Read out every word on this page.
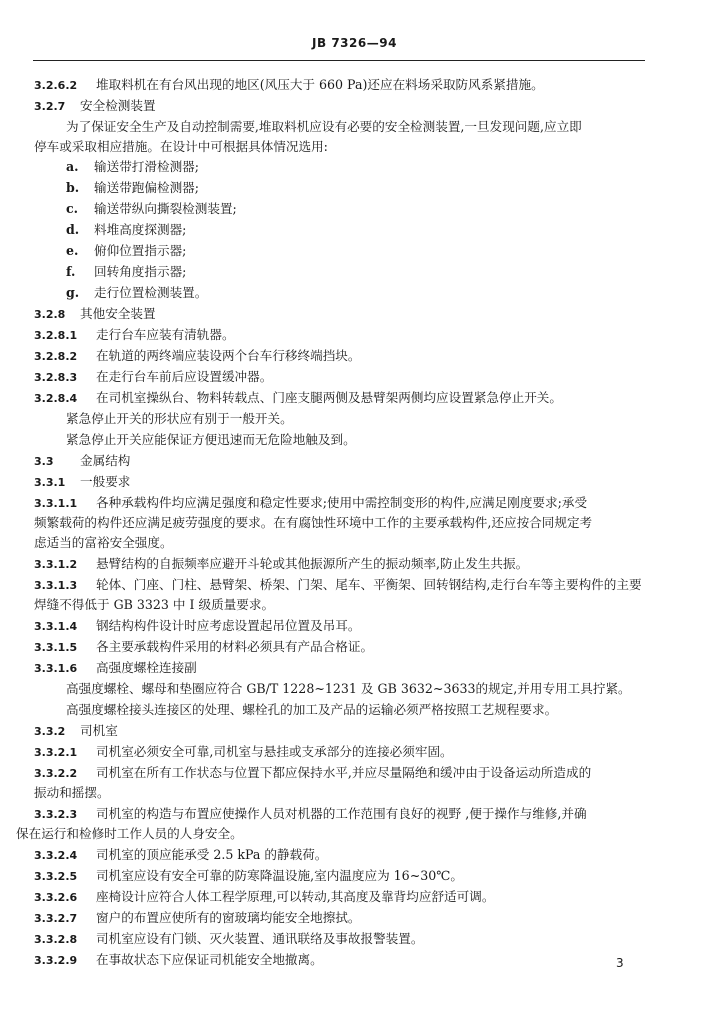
JB 7326—94
3.2.6.2 堆取料机在有台风出现的地区(风压大于 660 Pa)还应在料场采取防风系紧措施。
3.2.7 安全检测装置
为了保证安全生产及自动控制需要,堆取料机应设有必要的安全检测装置,一旦发现问题,应立即
停车或采取相应措施。在设计中可根据具体情况选用:
a. 输送带打滑检测器;
b. 输送带跑偏检测器;
c. 输送带纵向撕裂检测装置;
d. 料堆高度探测器;
e. 俯仰位置指示器;
f. 回转角度指示器;
g. 走行位置检测装置。
3.2.8 其他安全装置
3.2.8.1 走行台车应装有清轨器。
3.2.8.2 在轨道的两终端应装设两个台车行移终端挡块。
3.2.8.3 在走行台车前后应设置缓冲器。
3.2.8.4 在司机室操纵台、物料转载点、门座支腿两侧及悬臂架两侧均应设置紧急停止开关。
紧急停止开关的形状应有别于一般开关。
紧急停止开关应能保证方便迅速而无危险地触及到。
3.3 金属结构
3.3.1 一般要求
3.3.1.1 各种承载构件均应满足强度和稳定性要求;使用中需控制变形的构件,应满足刚度要求;承受
频繁载荷的构件还应满足疲劳强度的要求。在有腐蚀性环境中工作的主要承载构件,还应按合同规定考
虑适当的富裕安全强度。
3.3.1.2 悬臂结构的自振频率应避开斗轮或其他振源所产生的振动频率,防止发生共振。
3.3.1.3 轮体、门座、门柱、悬臂架、桥架、门架、尾车、平衡架、回转钢结构,走行台车等主要构件的主要
焊缝不得低于 GB 3323 中 Ⅰ 级质量要求。
3.3.1.4 钢结构构件设计时应考虑设置起吊位置及吊耳。
3.3.1.5 各主要承载构件采用的材料必须具有产品合格证。
3.3.1.6 高强度螺栓连接副
高强度螺栓、螺母和垫圈应符合 GB/T 1228~1231 及 GB 3632~3633的规定,并用专用工具拧紧。
高强度螺栓接头连接区的处理、螺栓孔的加工及产品的运输必须严格按照工艺规程要求。
3.3.2 司机室
3.3.2.1 司机室必须安全可靠,司机室与悬挂或支承部分的连接必须牢固。
3.3.2.2 司机室在所有工作状态与位置下都应保持水平,并应尽量隔绝和缓冲由于设备运动所造成的
振动和摇摆。
3.3.2.3 司机室的构造与布置应使操作人员对机器的工作范围有良好的视野 ,便于操作与维修,并确
保在运行和检修时工作人员的人身安全。
3.3.2.4 司机室的顶应能承受 2.5 kPa 的静载荷。
3.3.2.5 司机室应设有安全可靠的防寒降温设施,室内温度应为 16~30℃。
3.3.2.6 座椅设计应符合人体工程学原理,可以转动,其高度及靠背均应舒适可调。
3.3.2.7 窗户的布置应使所有的窗玻璃均能安全地擦拭。
3.3.2.8 司机室应设有门锁、灭火装置、通讯联络及事故报警装置。
3.3.2.9 在事故状态下应保证司机能安全地撤离。	3
